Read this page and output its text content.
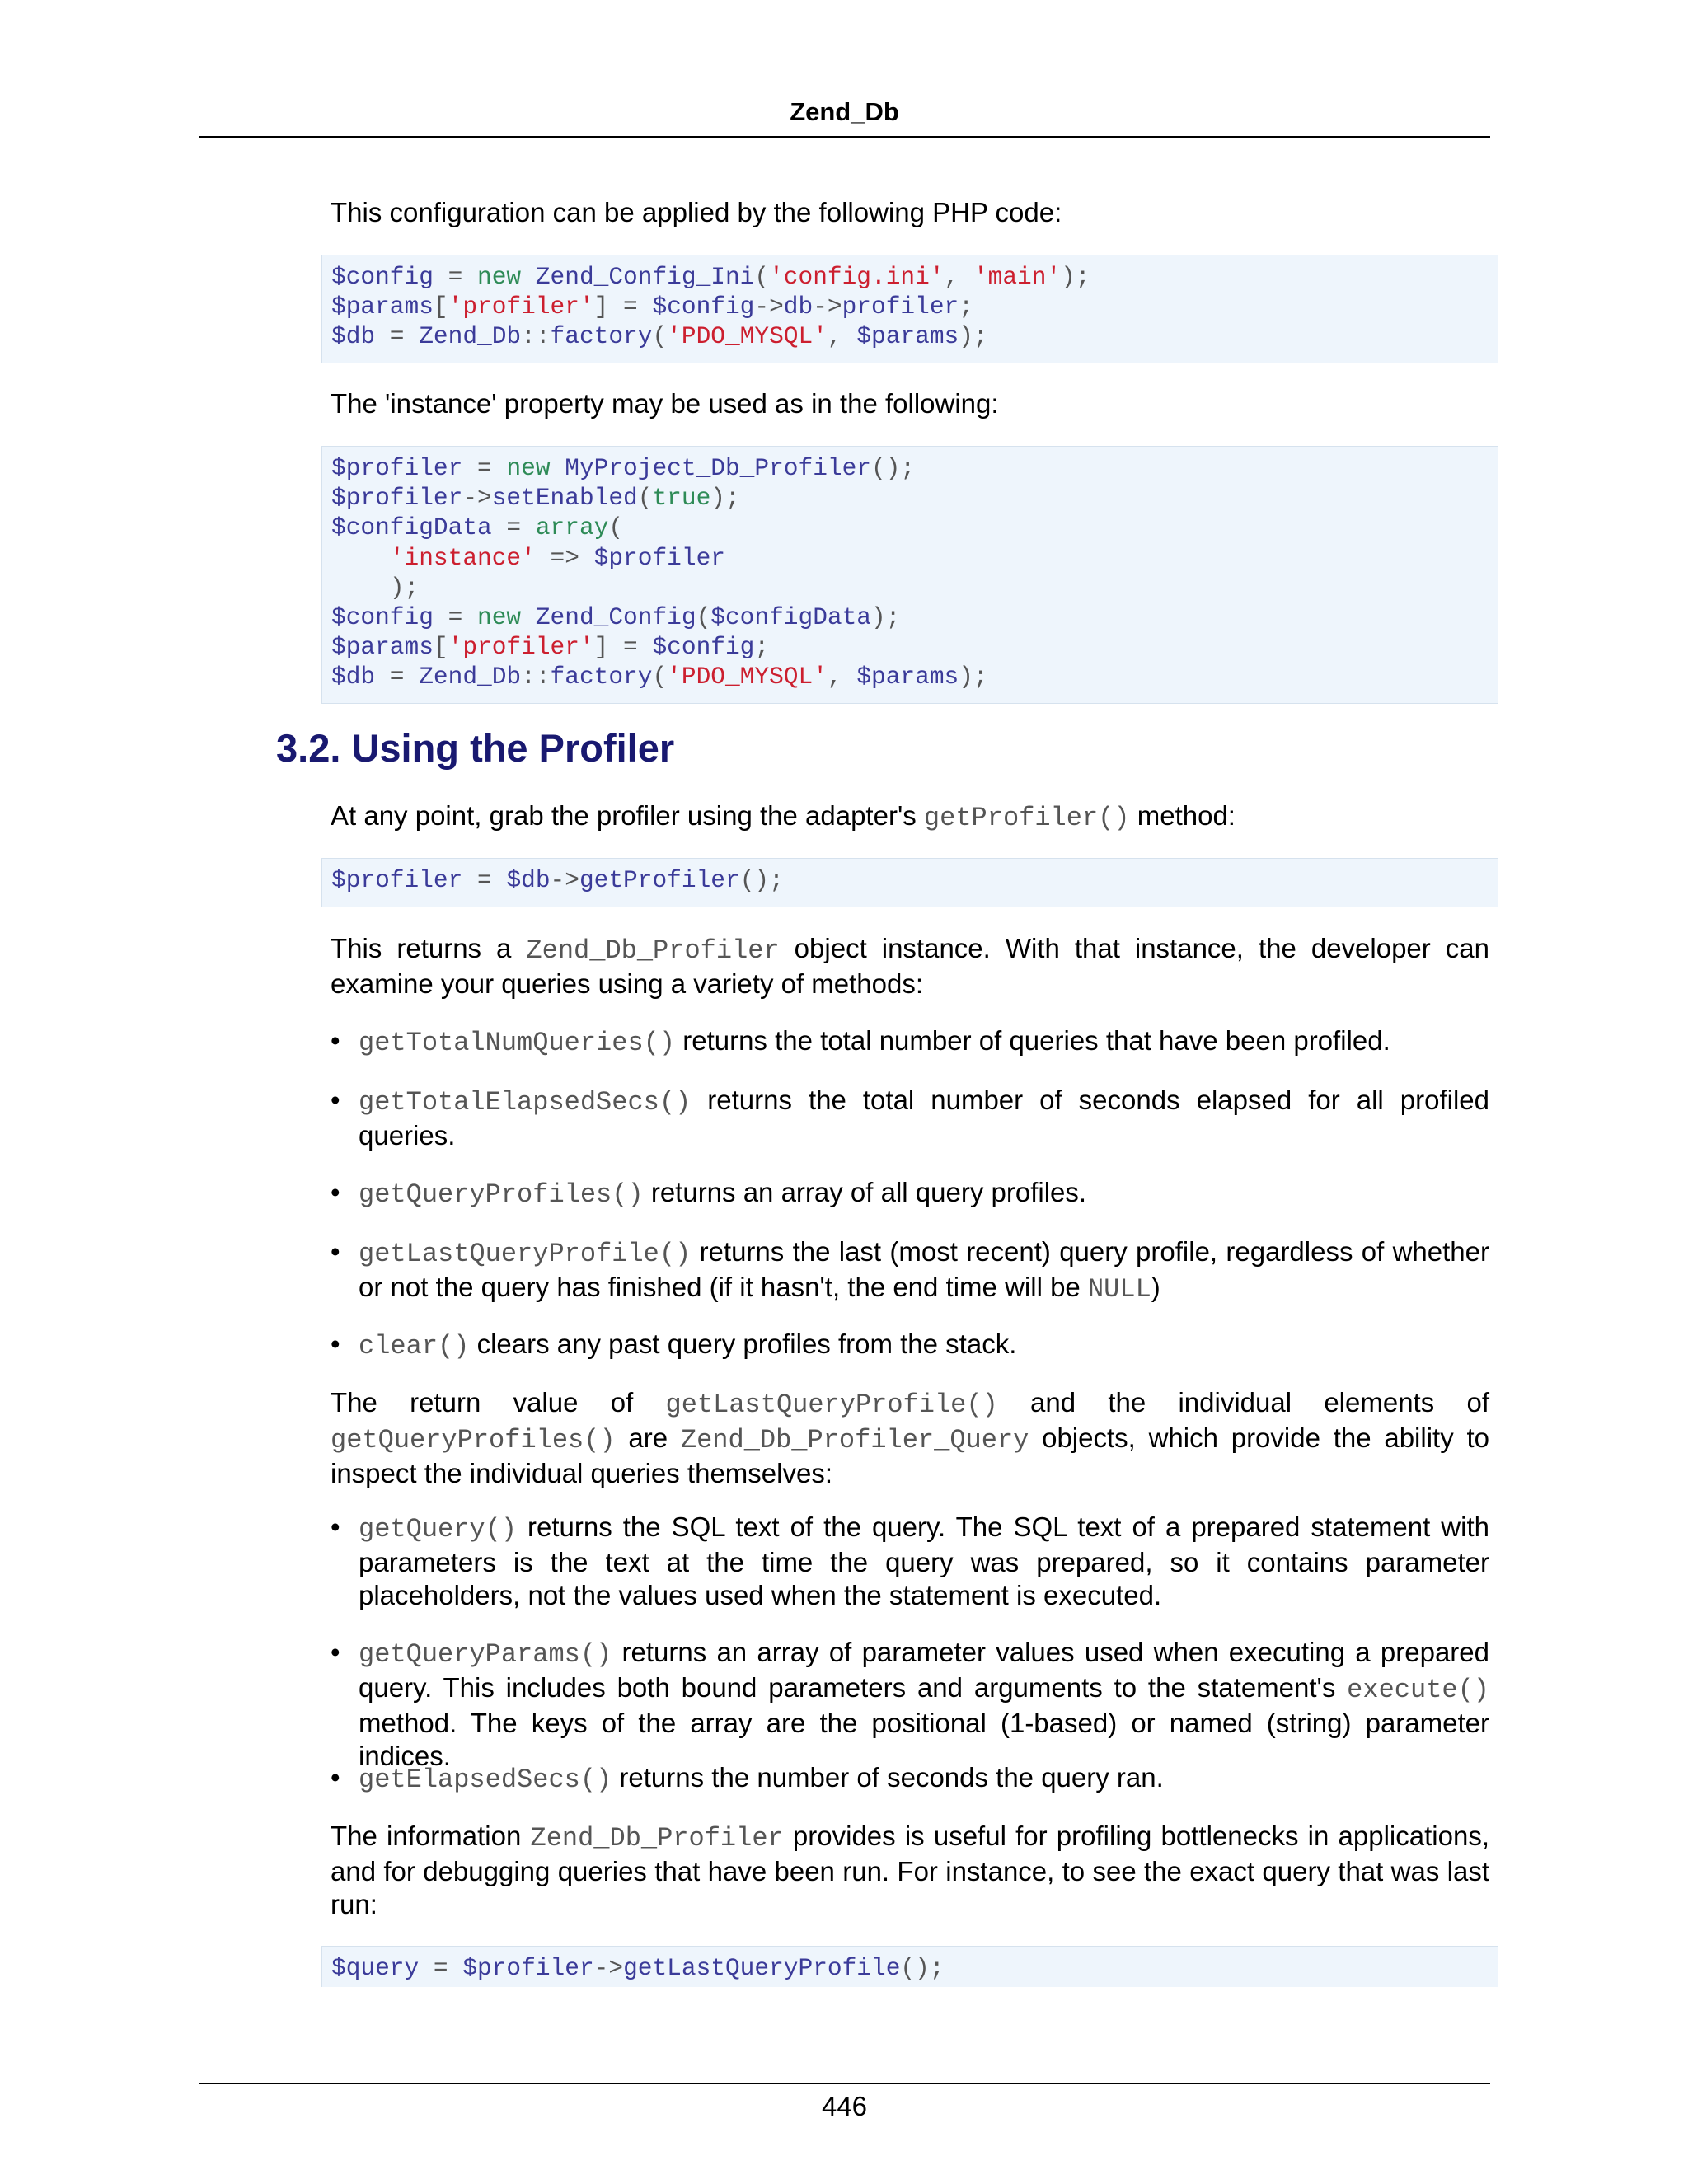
Zend_Db
This configuration can be applied by the following PHP code:
$config = new Zend_Config_Ini('config.ini', 'main');
$params['profiler'] = $config->db->profiler;
$db = Zend_Db::factory('PDO_MYSQL', $params);
The 'instance' property may be used as in the following:
$profiler = new MyProject_Db_Profiler();
$profiler->setEnabled(true);
$configData = array(
'instance' => $profiler
);
$config = new Zend_Config($configData);
$params['profiler'] = $config;
$db = Zend_Db::factory('PDO_MYSQL', $params);
3.2. Using the Profiler
At any point, grab the profiler using the adapter's getProfiler() method:
$profiler = $db->getProfiler();
This returns a Zend_Db_Profiler object instance. With that instance, the developer can examine your queries using a variety of methods:
• getTotalNumQueries() returns the total number of queries that have been profiled.
• getTotalElapsedSecs() returns the total number of seconds elapsed for all profiled queries.
• getQueryProfiles() returns an array of all query profiles.
• getLastQueryProfile() returns the last (most recent) query profile, regardless of whether or not the query has finished (if it hasn't, the end time will be NULL)
• clear() clears any past query profiles from the stack.
The return value of getLastQueryProfile() and the individual elements of getQueryProfiles() are Zend_Db_Profiler_Query objects, which provide the ability to inspect the individual queries themselves:
• getQuery() returns the SQL text of the query. The SQL text of a prepared statement with parameters is the text at the time the query was prepared, so it contains parameter placeholders, not the values used when the statement is executed.
• getQueryParams() returns an array of parameter values used when executing a prepared query. This includes both bound parameters and arguments to the statement's execute() method. The keys of the array are the positional (1-based) or named (string) parameter indices.
• getElapsedSecs() returns the number of seconds the query ran.
The information Zend_Db_Profiler provides is useful for profiling bottlenecks in applications, and for debugging queries that have been run. For instance, to see the exact query that was last run:
$query = $profiler->getLastQueryProfile();
446
